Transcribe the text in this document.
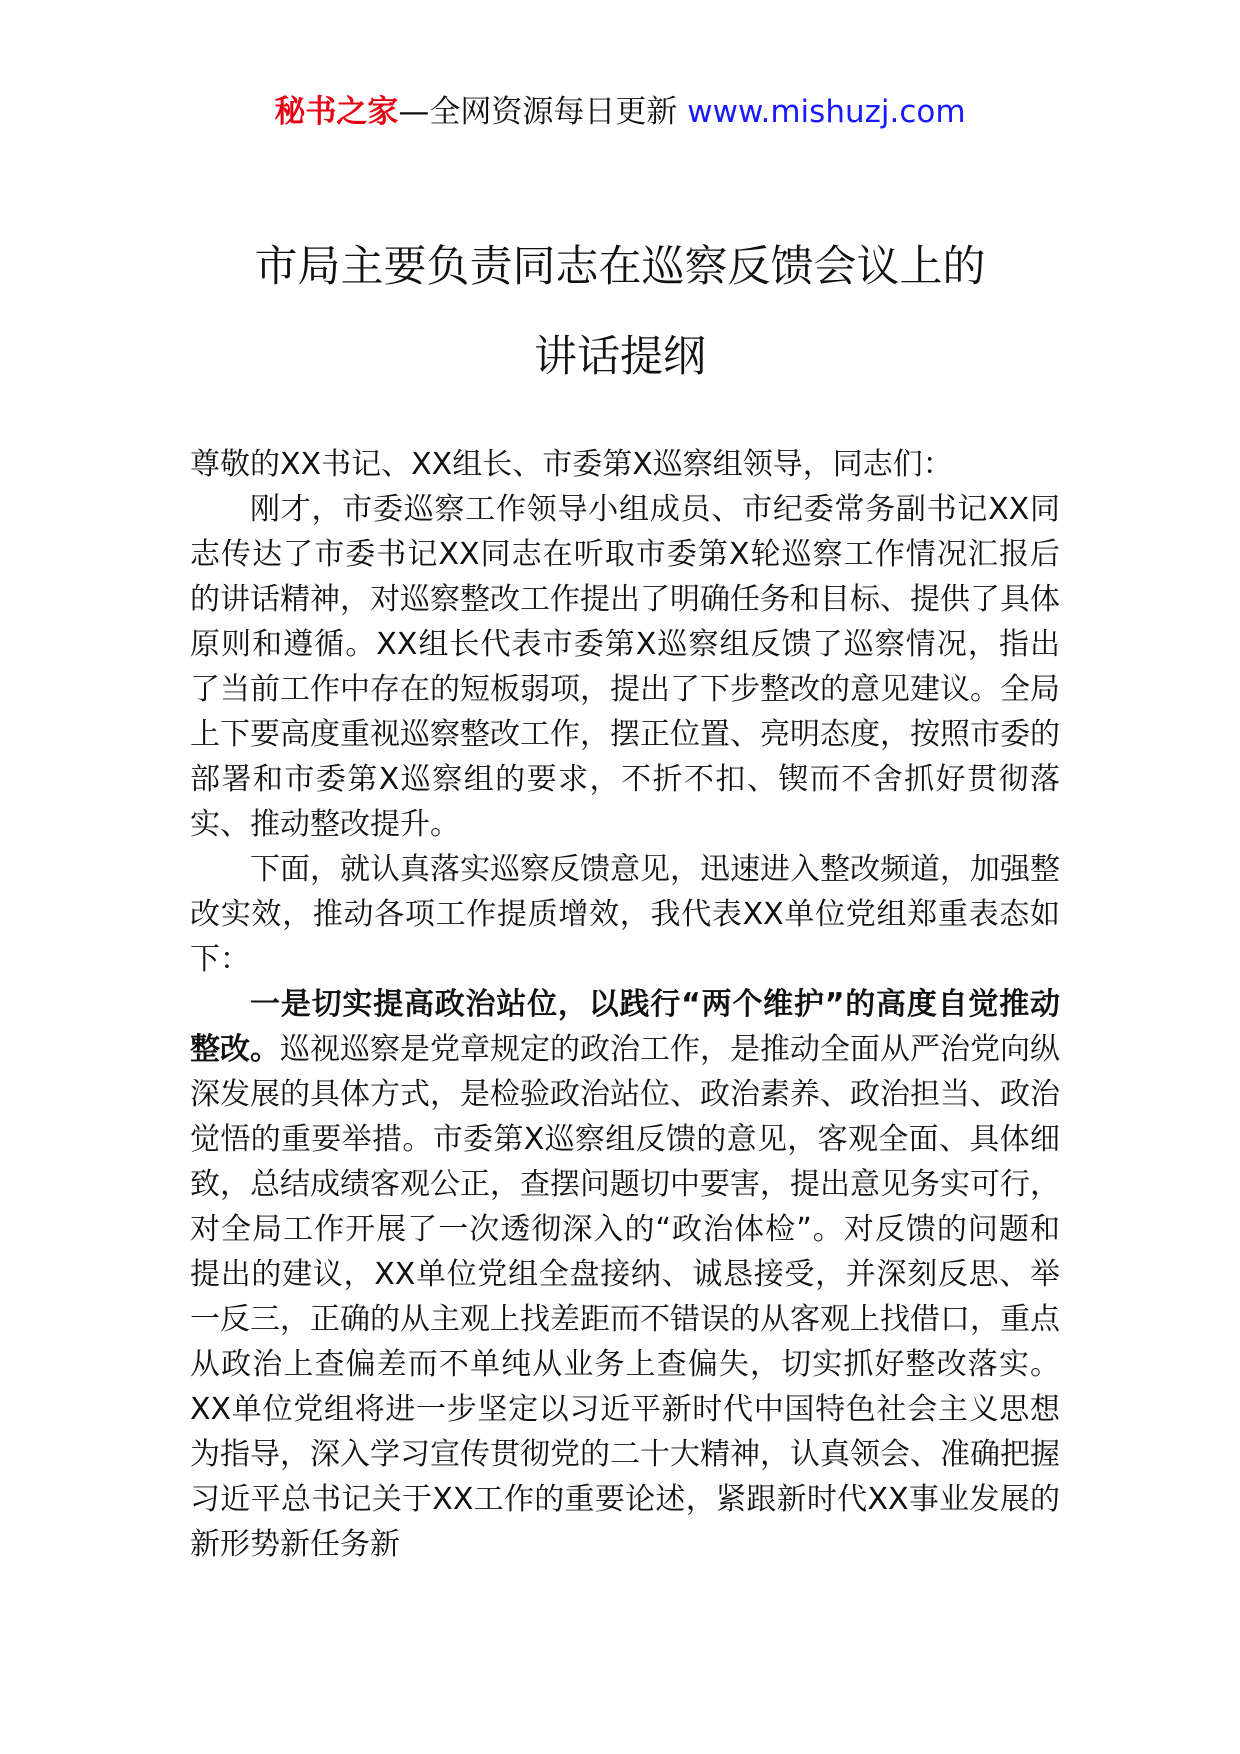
秘书之家—全网资源每日更新 www.mishuzj.com
市局主要负责同志在巡察反馈会议上的
讲话提纲

尊敬的XX书记、XX组长、市委第X巡察组领导，同志们：

刚才，市委巡察工作领导小组成员、市纪委常务副书记XX同志传达了市委书记XX同志在听取市委第X轮巡察工作情况汇报后的讲话精神，对巡察整改工作提出了明确任务和目标、提供了具体原则和遵循。XX组长代表市委第X巡察组反馈了巡察情况，指出了当前工作中存在的短板弱项，提出了下步整改的意见建议。全局上下要高度重视巡察整改工作，摆正位置、亮明态度，按照市委的部署和市委第X巡察组的要求，不折不扣、锲而不舍抓好贯彻落实、推动整改提升。

下面，就认真落实巡察反馈意见，迅速进入整改频道，加强整改实效，推动各项工作提质增效，我代表XX单位党组郑重表态如下：

一是切实提高政治站位，以践行“两个维护”的高度自觉推动整改。巡视巡察是党章规定的政治工作，是推动全面从严治党向纵深发展的具体方式，是检验政治站位、政治素养、政治担当、政治觉悟的重要举措。市委第X巡察组反馈的意见，客观全面、具体细致，总结成绩客观公正，查摆问题切中要害，提出意见务实可行，对全局工作开展了一次透彻深入的“政治体检”。对反馈的问题和提出的建议，XX单位党组全盘接纳、诚恳接受，并深刻反思、举一反三，正确的从主观上找差距而不错误的从客观上找借口，重点从政治上查偏差而不单纯从业务上查偏失，切实抓好整改落实。XX单位党组将进一步坚定以习近平新时代中国特色社会主义思想为指导，深入学习宣传贯彻党的二十大精神，认真领会、准确把握习近平总书记关于XX工作的重要论述，紧跟新时代XX事业发展的新形势新任务新
